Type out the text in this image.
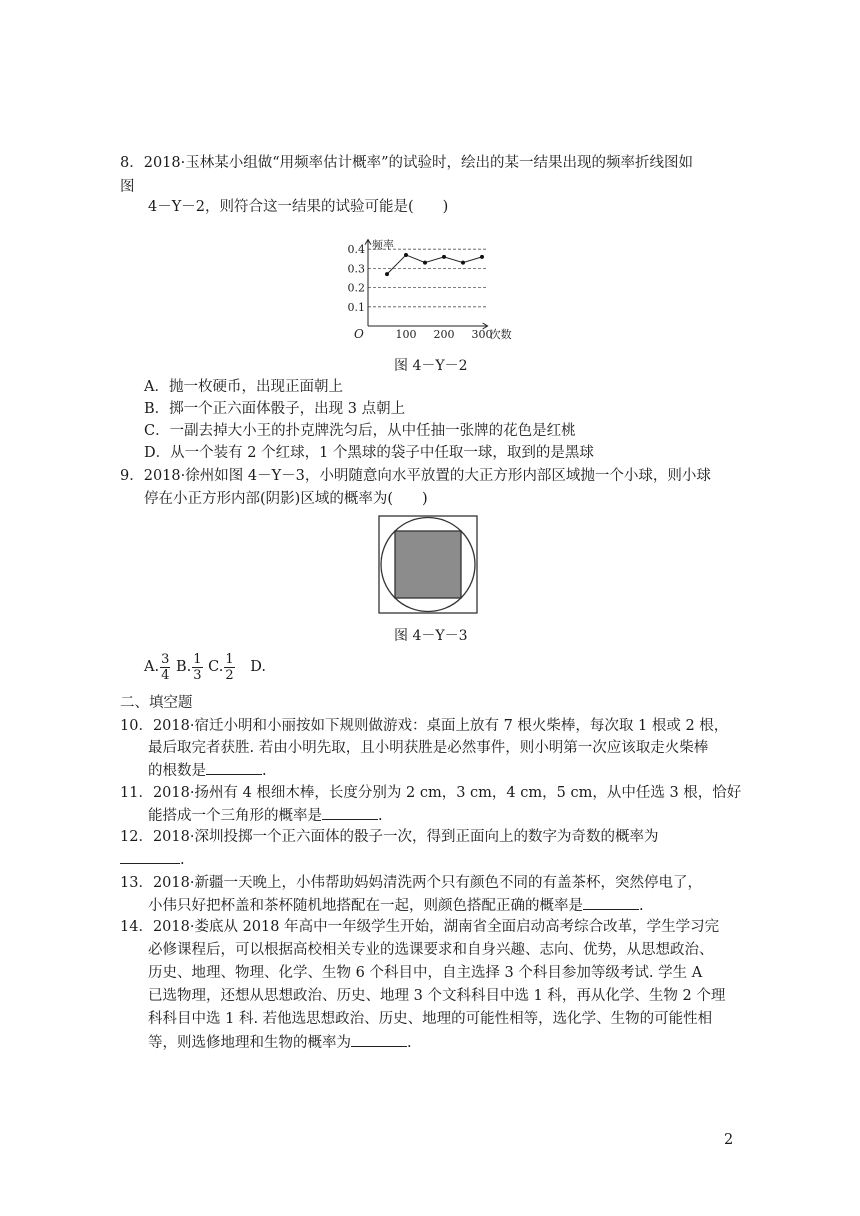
8．2018·玉林某小组做“用频率估计概率”的试验时，绘出的某一结果出现的频率折线图如
图
4－Y－2，则符合这一结果的试验可能是(　　)
0.1
0.2
0.3
0.4 频率
次数
O	100 200 300
图 4－Y－2
A．抛一枚硬币，出现正面朝上
B．掷一个正六面体骰子，出现 3 点朝上
C．一副去掉大小王的扑克牌洗匀后，从中任抽一张牌的花色是红桃
D．从一个装有 2 个红球，1 个黑球的袋子中任取一球，取到的是黑球
9．2018·徐州如图 4－Y－3，小明随意向水平放置的大正方形内部区域抛一个小球，则小球
停在小正方形内部(阴影)区域的概率为(　　)
图 4－Y－3
A. $\frac{3}{4} B$. $\frac{1}{3} C$. $\frac{1}{2} D$.
二、填空题
10．2018·宿迁小明和小丽按如下规则做游戏：桌面上放有 7 根火柴棒，每次取 1 根或 2 根，
最后取完者获胜. 若由小明先取，且小明获胜是必然事件，则小明第一次应该取走火柴棒
的根数是	.
11．2018·扬州有 4 根细木棒，长度分别为 2 cm，3 cm，4 cm，5 cm，从中任选 3 根，恰好
能搭成一个三角形的概率是	.
12．2018·深圳投掷一个正六面体的骰子一次，得到正面向上的数字为奇数的概率为
.
13．2018·新疆一天晚上，小伟帮助妈妈清洗两个只有颜色不同的有盖茶杯，突然停电了，
小伟只好把杯盖和茶杯随机地搭配在一起，则颜色搭配正确的概率是	.
14．2018·娄底从 2018 年高中一年级学生开始，湖南省全面启动高考综合改革，学生学习完
必修课程后，可以根据高校相关专业的选课要求和自身兴趣、志向、优势，从思想政治、
历史、地理、物理、化学、生物 6 个科目中，自主选择 3 个科目参加等级考试. 学生 A
已选物理，还想从思想政治、历史、地理 3 个文科科目中选 1 科，再从化学、生物 2 个理
科科目中选 1 科. 若他选思想政治、历史、地理的可能性相等，选化学、生物的可能性相
等，则选修地理和生物的概率为	.
2
